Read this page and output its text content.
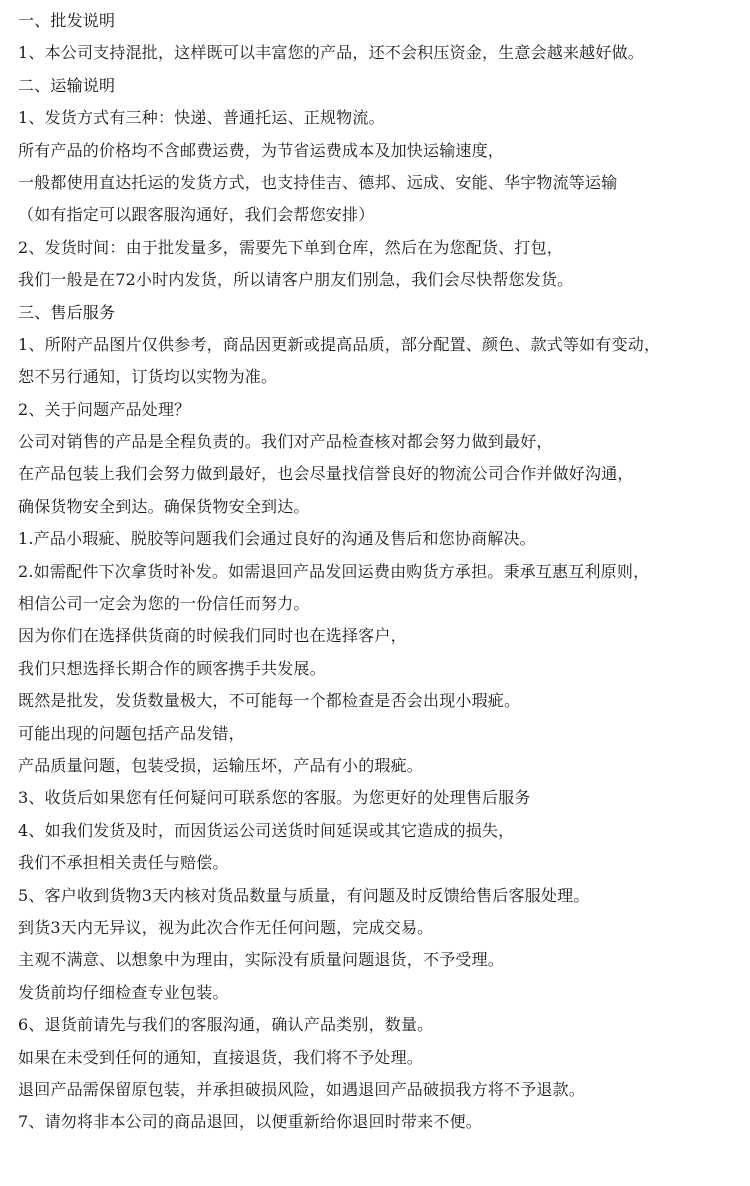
一、批发说明
1、本公司支持混批，这样既可以丰富您的产品，还不会积压资金，生意会越来越好做。
二、运输说明
1、发货方式有三种：快递、普通托运、正规物流。
所有产品的价格均不含邮费运费，为节省运费成本及加快运输速度，
一般都使用直达托运的发货方式，也支持佳吉、德邦、远成、安能、华宇物流等运输
（如有指定可以跟客服沟通好，我们会帮您安排）
2、发货时间：由于批发量多，需要先下单到仓库，然后在为您配货、打包，
我们一般是在72小时内发货，所以请客户朋友们别急，我们会尽快帮您发货。
三、售后服务
1、所附产品图片仅供参考，商品因更新或提高品质，部分配置、颜色、款式等如有变动，
恕不另行通知，订货均以实物为准。
2、关于问题产品处理？
公司对销售的产品是全程负责的。我们对产品检查核对都会努力做到最好，
在产品包装上我们会努力做到最好，也会尽量找信誉良好的物流公司合作并做好沟通，
确保货物安全到达。确保货物安全到达。
1.产品小瑕疵、脱胶等问题我们会通过良好的沟通及售后和您协商解决。
2.如需配件下次拿货时补发。如需退回产品发回运费由购货方承担。秉承互惠互利原则，
相信公司一定会为您的一份信任而努力。
因为你们在选择供货商的时候我们同时也在选择客户，
我们只想选择长期合作的顾客携手共发展。
既然是批发，发货数量极大，不可能每一个都检查是否会出现小瑕疵。
可能出现的问题包括产品发错，
产品质量问题，包装受损，运输压坏，产品有小的瑕疵。
3、收货后如果您有任何疑问可联系您的客服。为您更好的处理售后服务
4、如我们发货及时，而因货运公司送货时间延误或其它造成的损失，
我们不承担相关责任与赔偿。
5、客户收到货物3天内核对货品数量与质量，有问题及时反馈给售后客服处理。
到货3天内无异议，视为此次合作无任何问题，完成交易。
主观不满意、以想象中为理由，实际没有质量问题退货，不予受理。
发货前均仔细检查专业包装。
6、退货前请先与我们的客服沟通，确认产品类别，数量。
如果在未受到任何的通知，直接退货，我们将不予处理。
退回产品需保留原包装，并承担破损风险，如遇退回产品破损我方将不予退款。
7、请勿将非本公司的商品退回，以便重新给你退回时带来不便。
